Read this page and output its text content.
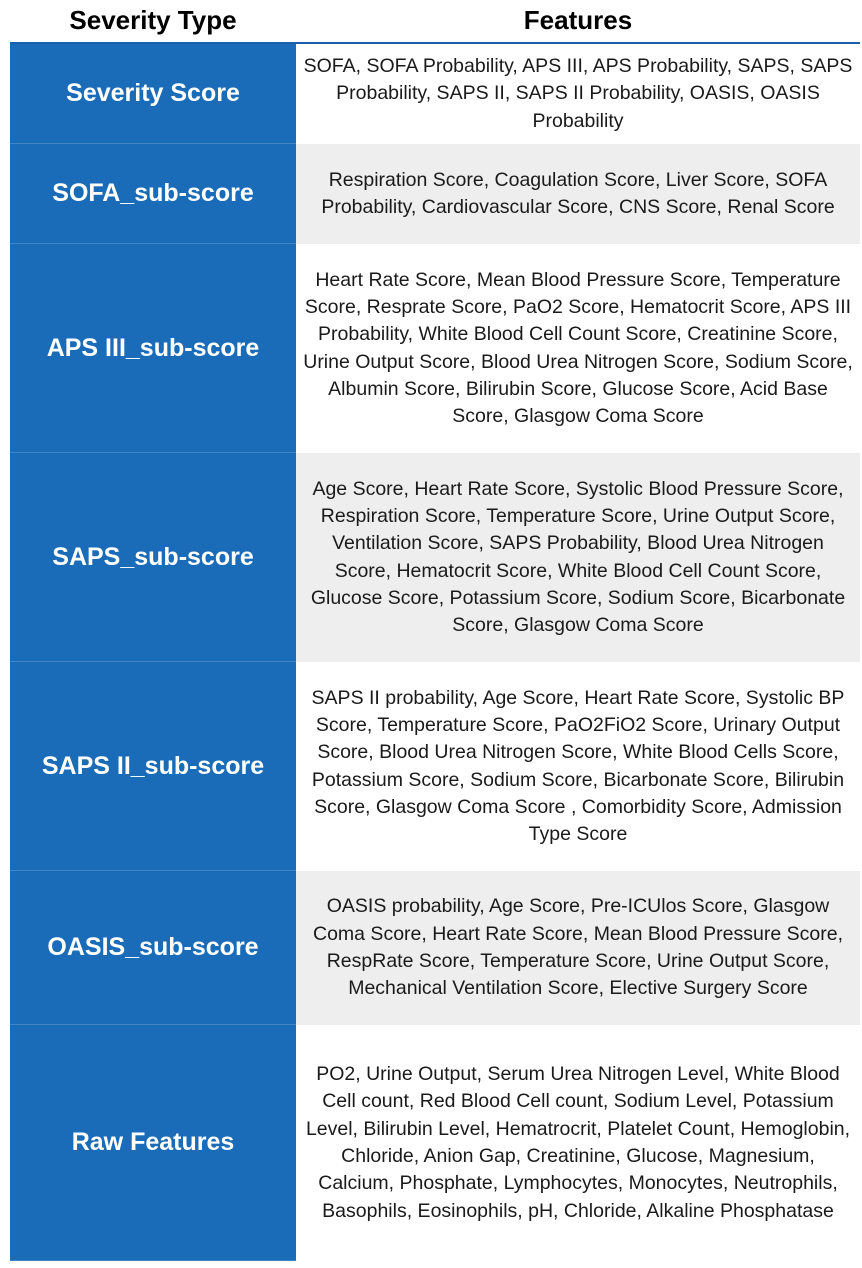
Severity Type	Features
Severity Score
SOFA, SOFA Probability, APS III, APS Probability, SAPS, SAPS Probability, SAPS II, SAPS II Probability, OASIS, OASIS Probability
SOFA_sub-score	Respiration Score, Coagulation Score, Liver Score, SOFA Probability, Cardiovascular Score, CNS Score, Renal Score
APS III_sub-score
Heart Rate Score, Mean Blood Pressure Score, Temperature Score, Resprate Score, PaO2 Score, Hematocrit Score, APS III Probability, White Blood Cell Count Score, Creatinine Score, Urine Output Score, Blood Urea Nitrogen Score, Sodium Score, Albumin Score, Bilirubin Score, Glucose Score, Acid Base Score, Glasgow Coma Score
SAPS_sub-score
Age Score, Heart Rate Score, Systolic Blood Pressure Score, Respiration Score, Temperature Score, Urine Output Score, Ventilation Score, SAPS Probability, Blood Urea Nitrogen Score, Hematocrit Score, White Blood Cell Count Score, Glucose Score, Potassium Score, Sodium Score, Bicarbonate Score, Glasgow Coma Score
SAPS II_sub-score
SAPS II probability, Age Score, Heart Rate Score, Systolic BP Score, Temperature Score, PaO2FiO2 Score, Urinary Output Score, Blood Urea Nitrogen Score, White Blood Cells Score, Potassium Score, Sodium Score, Bicarbonate Score, Bilirubin Score, Glasgow Coma Score , Comorbidity Score, Admission Type Score
OASIS_sub-score
OASIS probability, Age Score, Pre-ICUlos Score, Glasgow Coma Score, Heart Rate Score, Mean Blood Pressure Score, RespRate Score, Temperature Score, Urine Output Score, Mechanical Ventilation Score, Elective Surgery Score
Raw Features
PO2, Urine Output, Serum Urea Nitrogen Level, White Blood Cell count, Red Blood Cell count, Sodium Level, Potassium Level, Bilirubin Level, Hematrocrit, Platelet Count, Hemoglobin, Chloride, Anion Gap, Creatinine, Glucose, Magnesium, Calcium, Phosphate, Lymphocytes, Monocytes, Neutrophils, Basophils, Eosinophils, pH, Chloride, Alkaline Phosphatase
